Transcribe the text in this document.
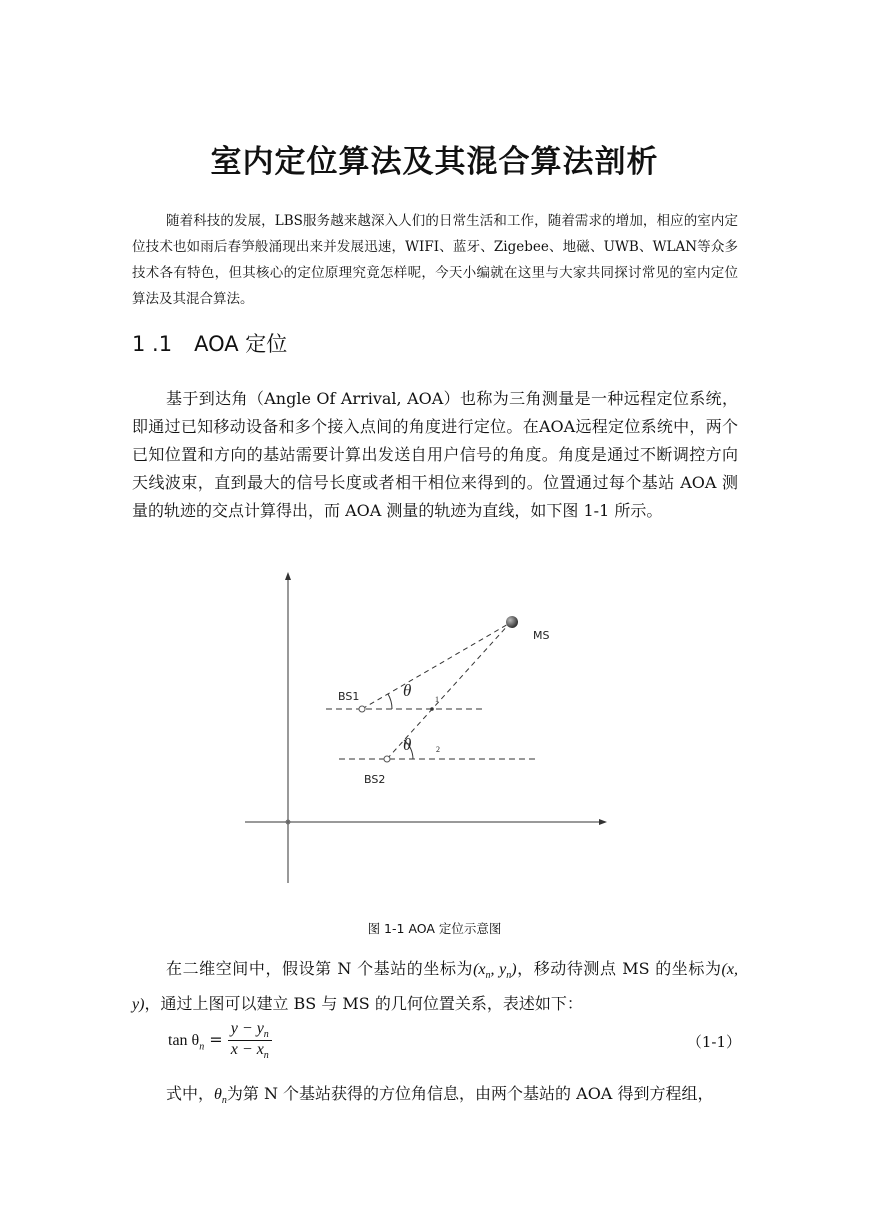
室内定位算法及其混合算法剖析
随着科技的发展，LBS服务越来越深入人们的日常生活和工作，随着需求的增加，相应的室内定位技术也如雨后春笋般涌现出来并发展迅速，WIFI、蓝牙、Zigebee、地磁、UWB、WLAN等众多技术各有特色，但其核心的定位原理究竟怎样呢，今天小编就在这里与大家共同探讨常见的室内定位算法及其混合算法。
1 .1 AOA 定位
基于到达角（Angle Of Arrival, AOA）也称为三角测量是一种远程定位系统，即通过已知移动设备和多个接入点间的角度进行定位。在AOA远程定位系统中，两个已知位置和方向的基站需要计算出发送自用户信号的角度。角度是通过不断调控方向天线波束，直到最大的信号长度或者相干相位来得到的。位置通过每个基站 AOA 测量的轨迹的交点计算得出，而 AOA 测量的轨迹为直线，如下图 1-1 所示。
MS
BS1
BS2
θ	1
θ	2
图 1-1 AOA 定位示意图
在二维空间中，假设第 N 个基站的坐标为($x_n$, $y_n$)，移动待测点 MS 的坐标为(x, y)，通过上图可以建立 BS 与 MS 的几何位置关系，表述如下：
$\tan \theta_n = \frac{y - y_n}{x - x_n}$	（1-1）
式中，$\theta_n$为第 N 个基站获得的方位角信息，由两个基站的 AOA 得到方程组，
